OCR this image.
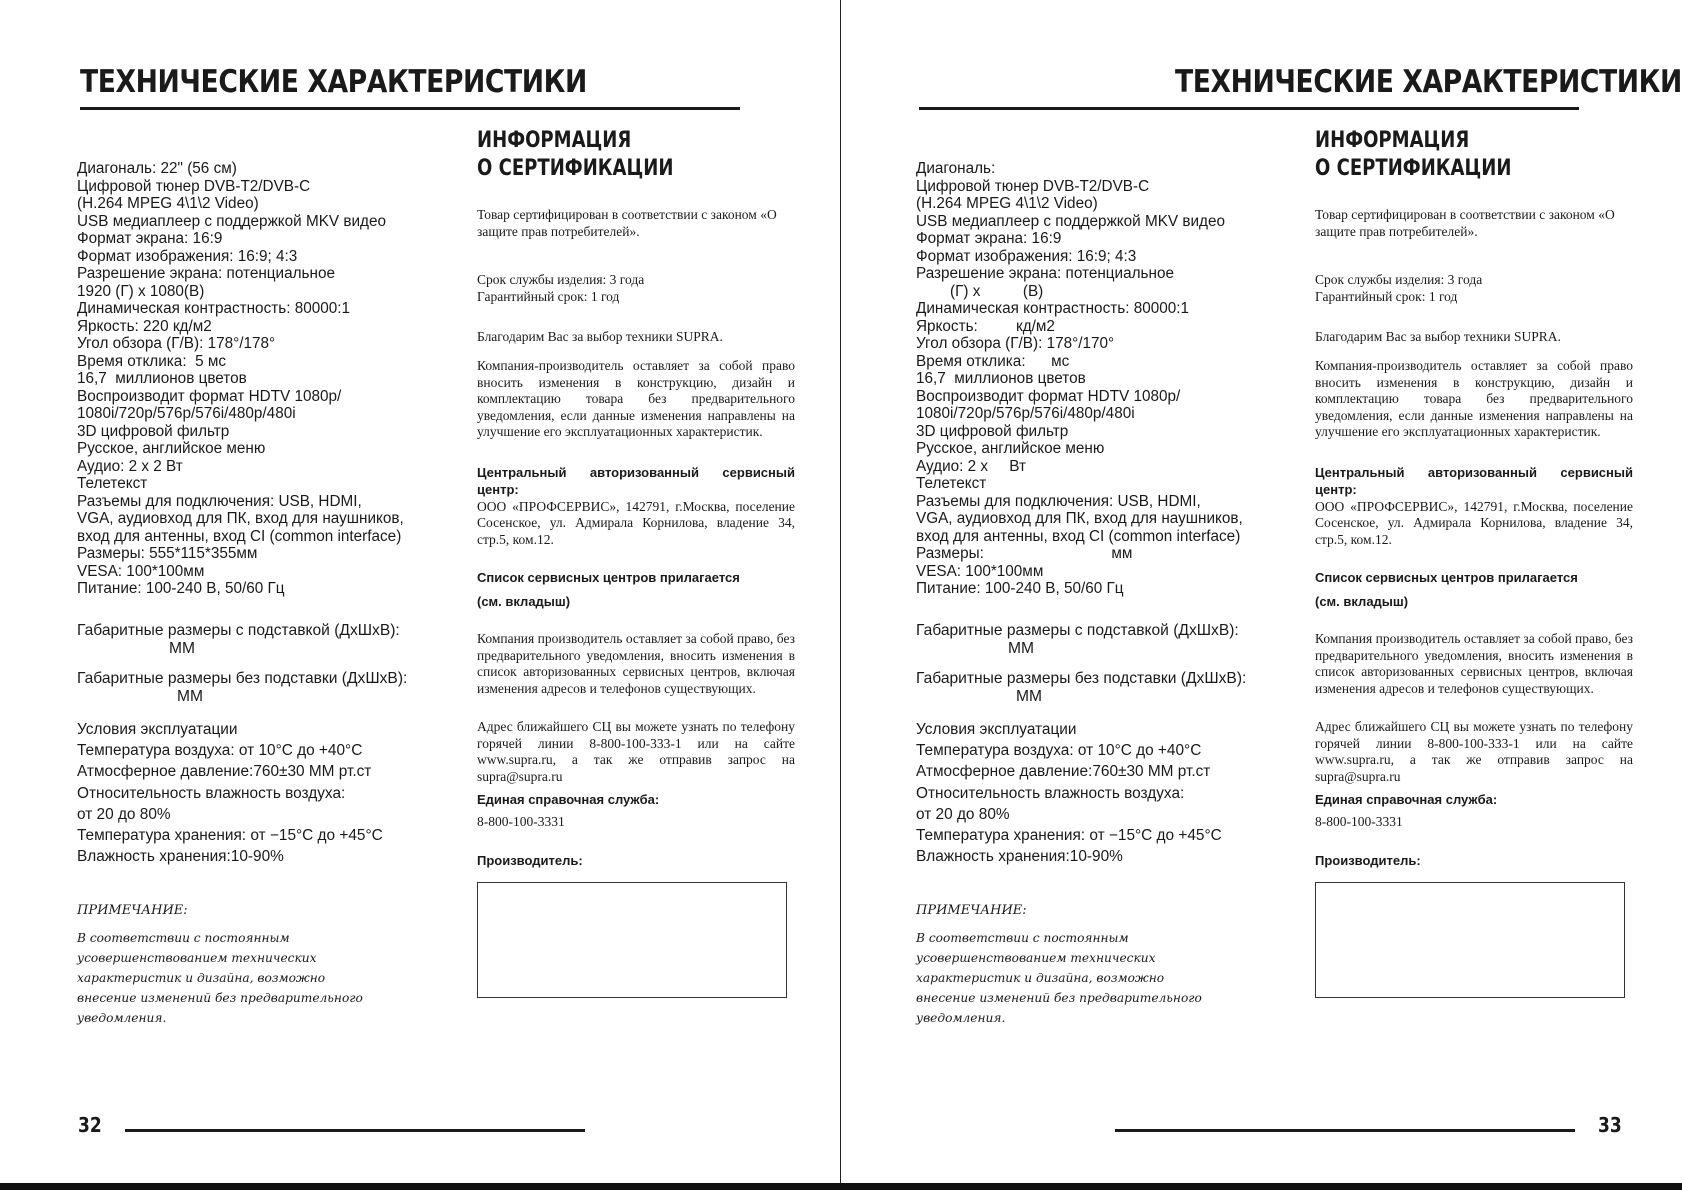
ТЕХНИЧЕСКИЕ ХАРАКТЕРИСТИКИ
Диагональ: 22" (56 см)
Цифровой тюнер DVB-T2/DVB-C
(H.264 MPEG 4\1\2 Video)
USB медиаплеер с поддержкой MKV видео
Формат экрана: 16:9
Формат изображения: 16:9; 4:3
Разрешение экрана: потенциальное
1920 (Г) х 1080(В)
Динамическая контрастность: 80000:1
Яркость: 220 кд/м2
Угол обзора (Г/В): 178°/178°
Время отклика:  5 мс
16,7  миллионов цветов
Воспроизводит формат HDTV 1080р/
1080i/720p/576p/576i/480p/480i
3D цифровой фильтр
Русское, английское меню
Аудио: 2 х 2 Вт
Телетекст
Разъемы для подключения: USB, HDMI,
VGA, аудиовход для ПК, вход для наушников,
вход для антенны, вход CI (common interface)
Размеры: 555*115*355мм
VESA: 100*100мм
Питание: 100-240 В, 50/60 Гц
Габаритные размеры с подставкой (ДхШхВ):
ММ
Габаритные размеры без подставки (ДхШхВ):
ММ
Условия эксплуатации
Температура воздуха: от 10°С до +40°С
Атмосферное давление:760±30 ММ рт.ст
Относительность влажность воздуха:
от 20 до 80%
Температура хранения: от −15°С до +45°С
Влажность хранения:10-90%
ПРИМЕЧАНИЕ:
В соответствии с постоянным усовершенствованием технических характеристик и дизайна, возможно внесение изменений без предварительного уведомления.
ИНФОРМАЦИЯ
О СЕРТИФИКАЦИИ

Товар сертифицирован в соответствии с законом «О защите прав потребителей».

Срок службы изделия: 3 года

Гарантийный срок: 1 год

Благодарим Вас за выбор техники SUPRA.

Компания-производитель оставляет за собой право вносить изменения в конструкцию, дизайн и комплектацию товара без предварительного уведомления, если данные изменения направлены на улучшение его эксплуатационных характеристик.

Центральный авторизованный сервисный центр:

ООО «ПРОФСЕРВИС», 142791, г.Москва, поселение Сосенское, ул. Адмирала Корнилова, владение 34, стр.5, ком.12.

Список сервисных центров прилагается

(см. вкладыш)

Компания производитель оставляет за собой право, без предварительного уведомления, вносить изменения в список авторизованных сервисных центров, включая изменения адресов и телефонов существующих.

Адрес ближайшего СЦ вы можете узнать по телефону горячей линии 8-800-100-333-1 или на сайте www.supra.ru, а так же отправив запрос на supra@supra.ru

Единая справочная служба:

8-800-100-3331

Производитель:

32
ТЕХНИЧЕСКИЕ ХАРАКТЕРИСТИКИ
Диагональ:
Цифровой тюнер DVB-T2/DVB-C
(H.264 MPEG 4\1\2 Video)
USB медиаплеер с поддержкой MKV видео
Формат экрана: 16:9
Формат изображения: 16:9; 4:3
Разрешение экрана: потенциальное
(Г) х          (В)
Динамическая контрастность: 80000:1
Яркость:         кд/м2
Угол обзора (Г/В): 178°/170°
Время отклика:      мс
16,7  миллионов цветов
Воспроизводит формат HDTV 1080р/
1080i/720p/576p/576i/480p/480i
3D цифровой фильтр
Русское, английское меню
Аудио: 2 х     Вт
Телетекст
Разъемы для подключения: USB, HDMI,
VGA, аудиовход для ПК, вход для наушников,
вход для антенны, вход CI (common interface)
Размеры:                              мм
VESA: 100*100мм
Питание: 100-240 В, 50/60 Гц
Габаритные размеры с подставкой (ДхШхВ):
ММ
Габаритные размеры без подставки (ДхШхВ):
ММ
Условия эксплуатации
Температура воздуха: от 10°С до +40°С
Атмосферное давление:760±30 ММ рт.ст
Относительность влажность воздуха:
от 20 до 80%
Температура хранения: от −15°С до +45°С
Влажность хранения:10-90%
ПРИМЕЧАНИЕ:
В соответствии с постоянным усовершенствованием технических характеристик и дизайна, возможно внесение изменений без предварительного уведомления.
ИНФОРМАЦИЯ
О СЕРТИФИКАЦИИ

Товар сертифицирован в соответствии с законом «О защите прав потребителей».

Срок службы изделия: 3 года

Гарантийный срок: 1 год

Благодарим Вас за выбор техники SUPRA.

Компания-производитель оставляет за собой право вносить изменения в конструкцию, дизайн и комплектацию товара без предварительного уведомления, если данные изменения направлены на улучшение его эксплуатационных характеристик.

Центральный авторизованный сервисный центр:

ООО «ПРОФСЕРВИС», 142791, г.Москва, поселение Сосенское, ул. Адмирала Корнилова, владение 34, стр.5, ком.12.

Список сервисных центров прилагается

(см. вкладыш)

Компания производитель оставляет за собой право, без предварительного уведомления, вносить изменения в список авторизованных сервисных центров, включая изменения адресов и телефонов существующих.

Адрес ближайшего СЦ вы можете узнать по телефону горячей линии 8-800-100-333-1 или на сайте www.supra.ru, а так же отправив запрос на supra@supra.ru

Единая справочная служба:

8-800-100-3331

Производитель:

33
